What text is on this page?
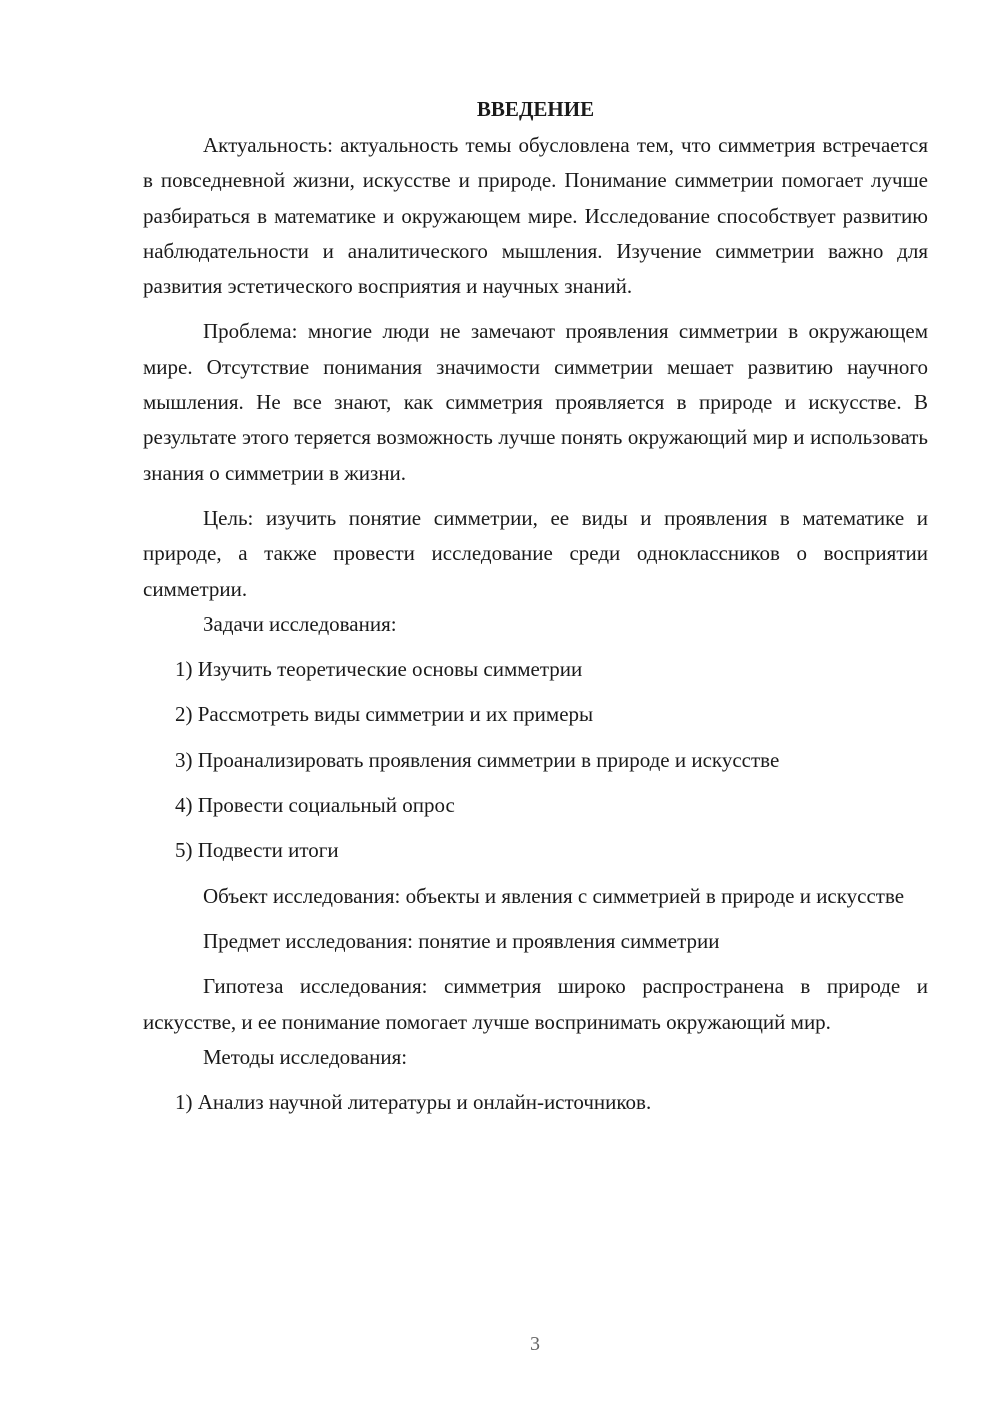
ВВЕДЕНИЕ

Актуальность: актуальность темы обусловлена тем, что симметрия встречается в повседневной жизни, искусстве и природе. Понимание симметрии помогает лучше разбираться в математике и окружающем мире. Исследование способствует развитию наблюдательности и аналитического мышления. Изучение симметрии важно для развития эстетического восприятия и научных знаний.

Проблема: многие люди не замечают проявления симметрии в окружающем мире. Отсутствие понимания значимости симметрии мешает развитию научного мышления. Не все знают, как симметрия проявляется в природе и искусстве. В результате этого теряется возможность лучше понять окружающий мир и использовать знания о симметрии в жизни.

Цель: изучить понятие симметрии, ее виды и проявления в математике и природе, а также провести исследование среди одноклассников о восприятии симметрии.

Задачи исследования:

1) Изучить теоретические основы симметрии

2) Рассмотреть виды симметрии и их примеры

3) Проанализировать проявления симметрии в природе и искусстве

4) Провести социальный опрос

5) Подвести итоги

Объект исследования: объекты и явления с симметрией в природе и искусстве

Предмет исследования: понятие и проявления симметрии

Гипотеза исследования: симметрия широко распространена в природе и искусстве, и ее понимание помогает лучше воспринимать окружающий мир.

Методы исследования:

1) Анализ научной литературы и онлайн-источников.

3
